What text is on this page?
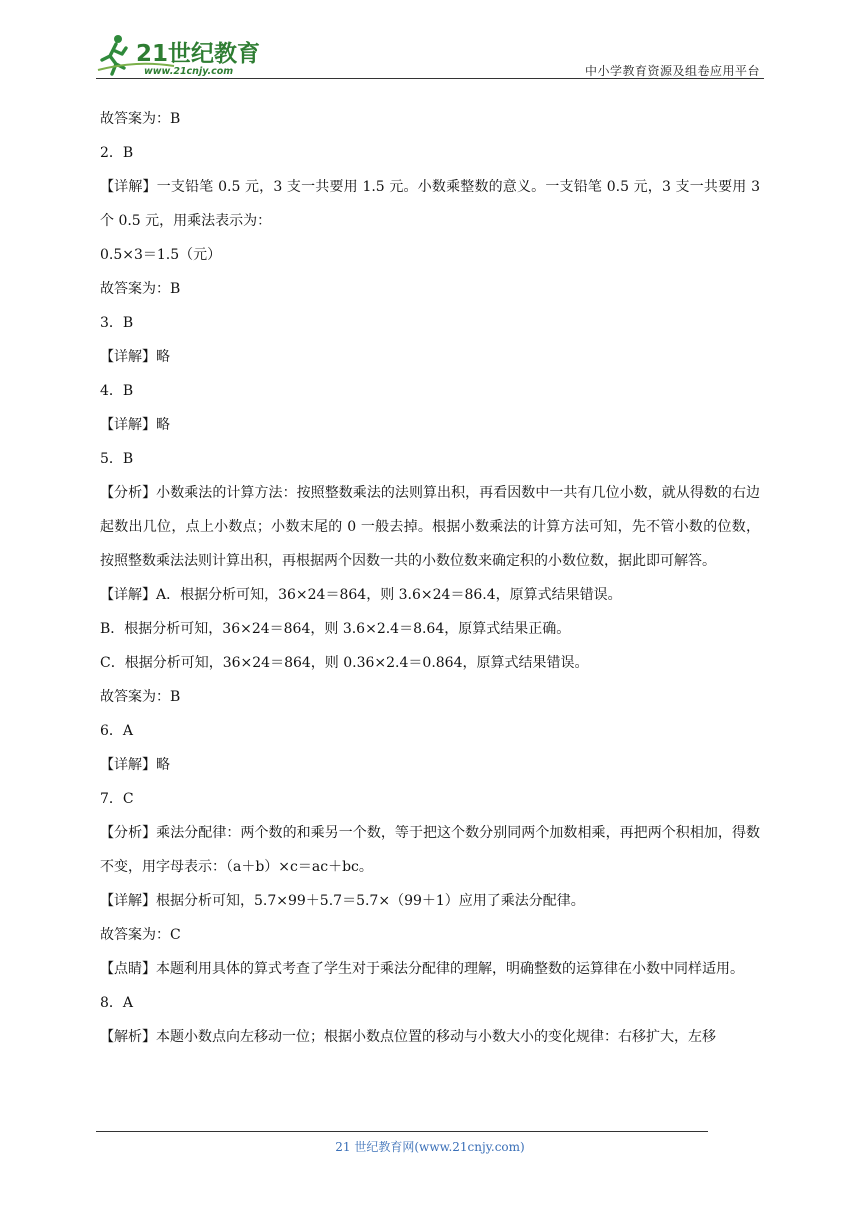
21世纪教育
www.21cnjy.com	中小学教育资源及组卷应用平台

故答案为：B

2．B

【详解】一支铅笔 0.5 元，3 支一共要用 1.5 元。小数乘整数的意义。一支铅笔 0.5 元，3 支一共要用 3 个 0.5 元，用乘法表示为：

0.5×3＝1.5（元）

故答案为：B

3．B

【详解】略

4．B

【详解】略

5．B

【分析】小数乘法的计算方法：按照整数乘法的法则算出积，再看因数中一共有几位小数，就从得数的右边起数出几位，点上小数点；小数末尾的 0 一般去掉。根据小数乘法的计算方法可知，先不管小数的位数，按照整数乘法法则计算出积，再根据两个因数一共的小数位数来确定积的小数位数，据此即可解答。

【详解】A．根据分析可知，36×24＝864，则 3.6×24＝86.4，原算式结果错误。

B．根据分析可知，36×24＝864，则 3.6×2.4＝8.64，原算式结果正确。

C．根据分析可知，36×24＝864，则 0.36×2.4＝0.864，原算式结果错误。

故答案为：B

6．A

【详解】略

7．C

【分析】乘法分配律：两个数的和乘另一个数，等于把这个数分别同两个加数相乘，再把两个积相加，得数不变，用字母表示：（a＋b）×c＝ac＋bc。

【详解】根据分析可知，5.7×99＋5.7＝5.7×（99＋1）应用了乘法分配律。

故答案为：C

【点睛】本题利用具体的算式考查了学生对于乘法分配律的理解，明确整数的运算律在小数中同样适用。

8．A

【解析】本题小数点向左移动一位；根据小数点位置的移动与小数大小的变化规律：右移扩大，左移

21 世纪教育网(www.21cnjy.com)
